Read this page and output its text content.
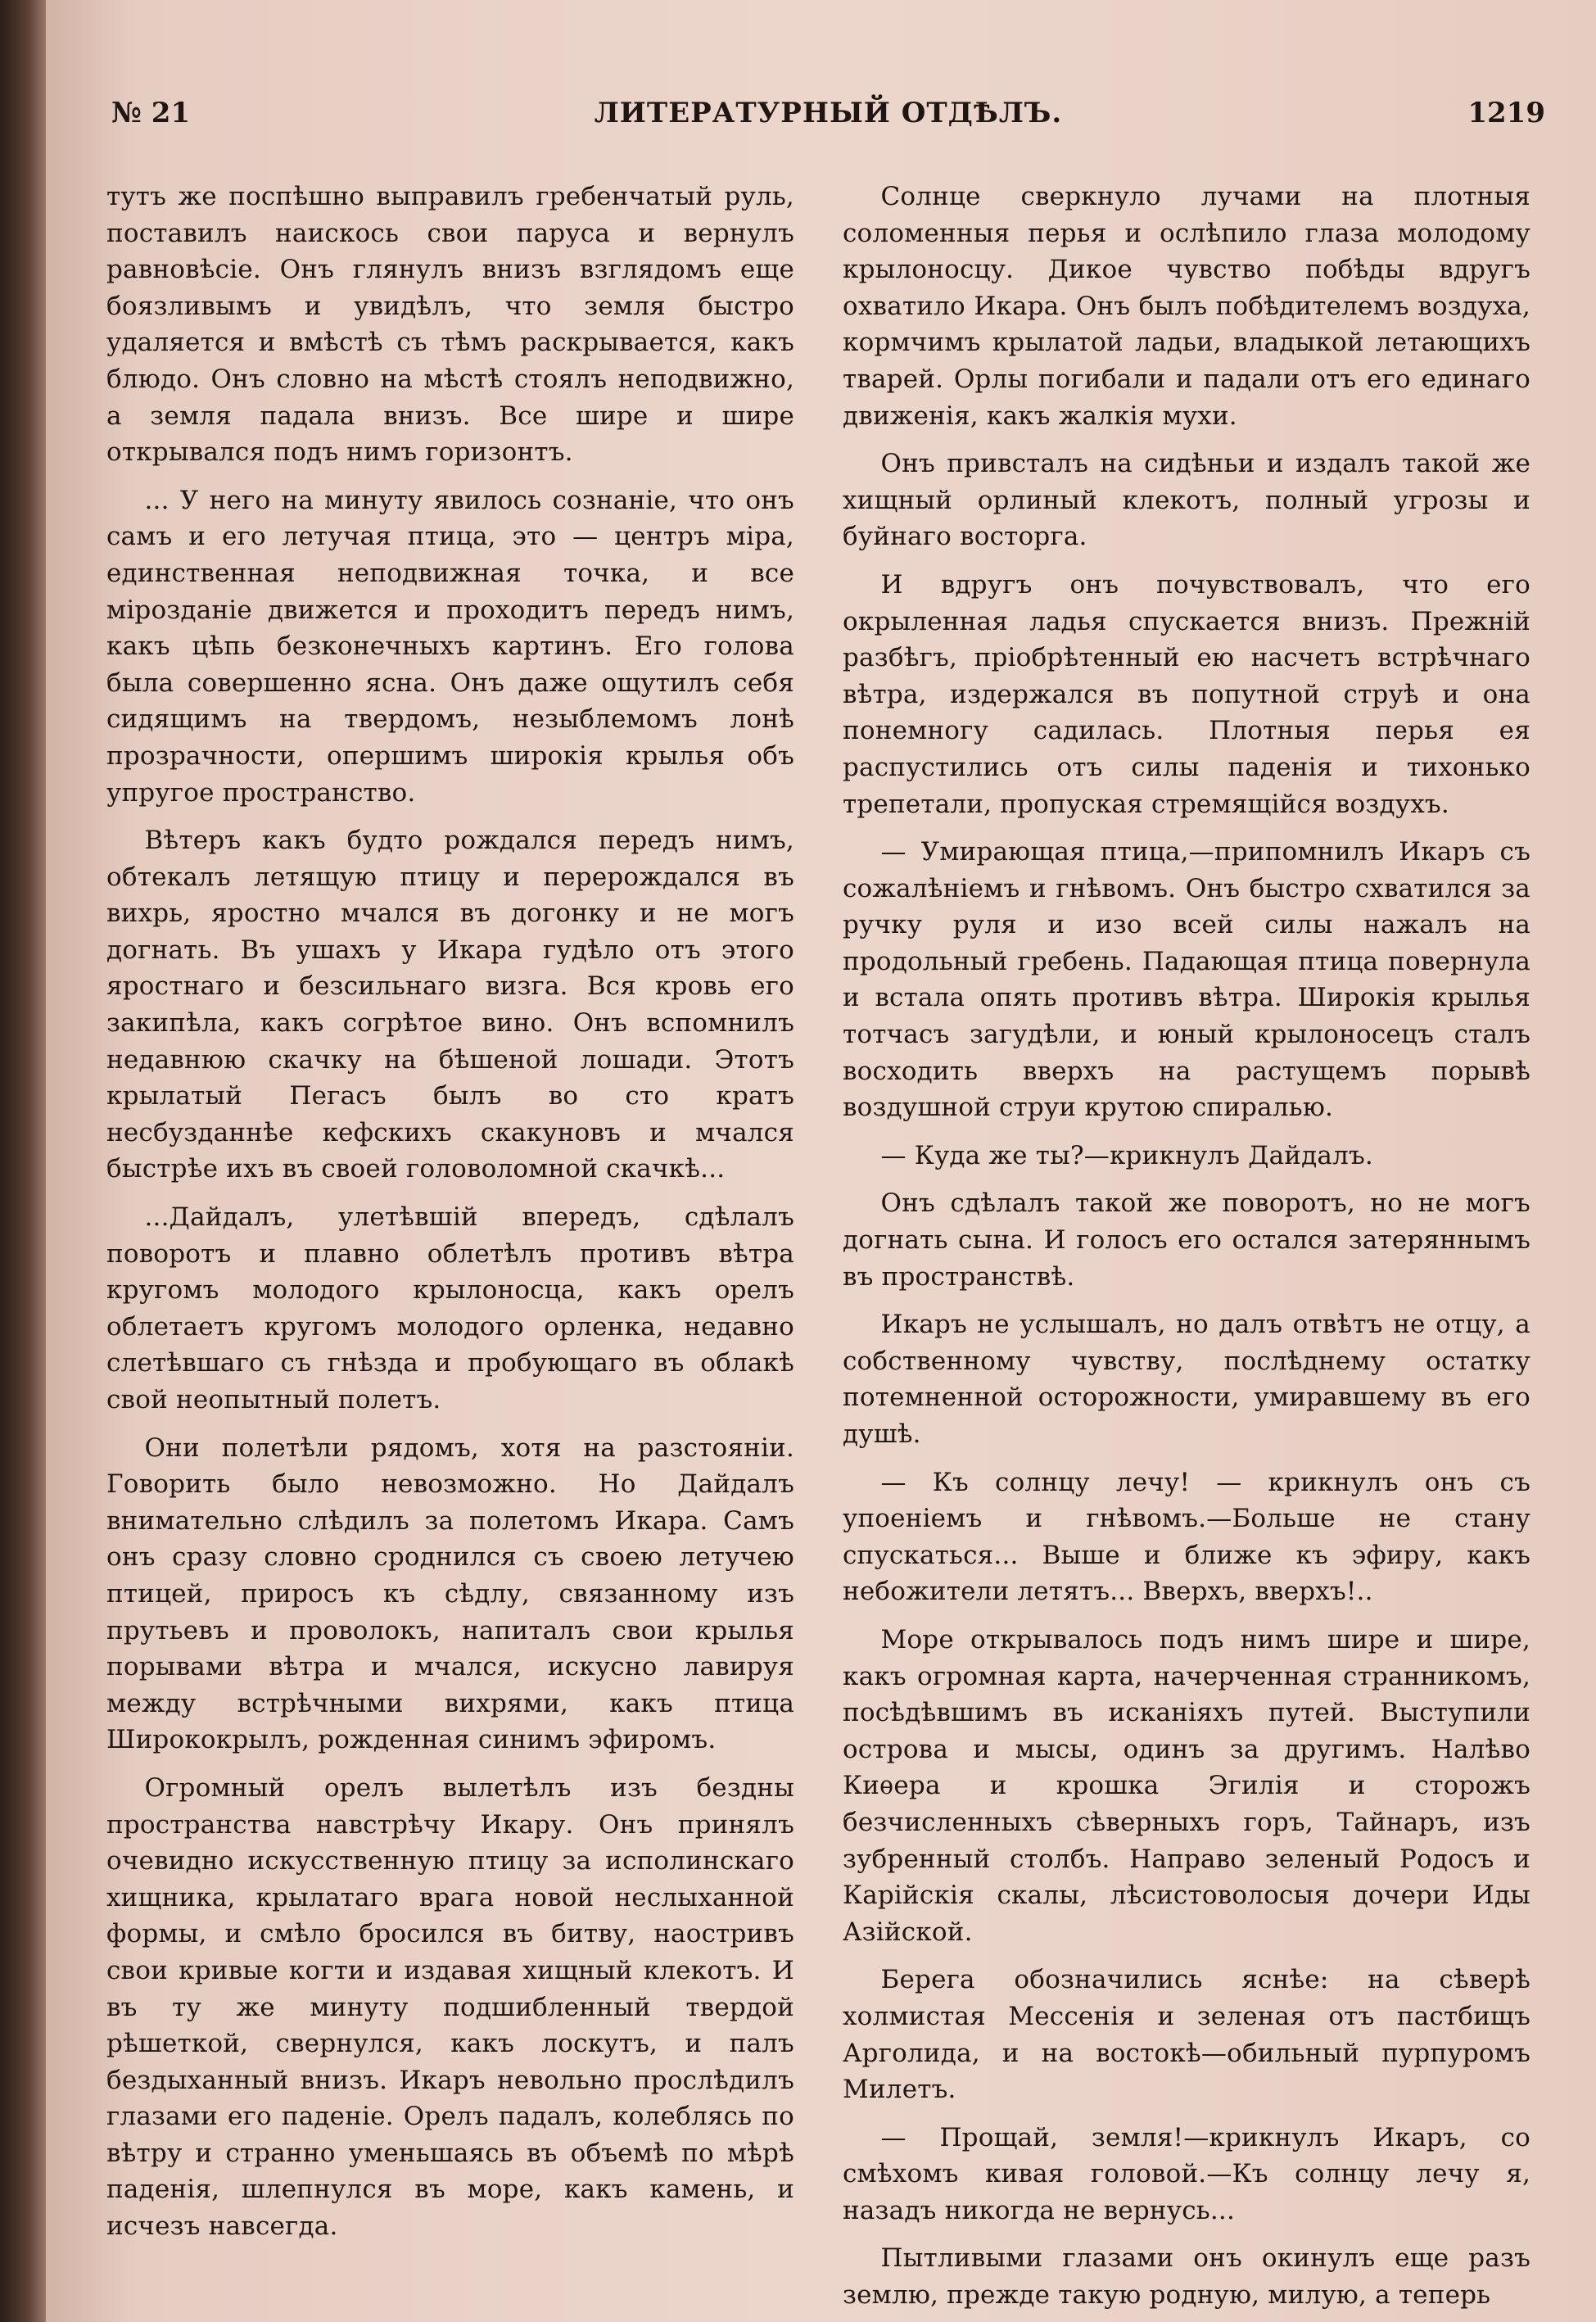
№ 21	ЛИТЕРАТУРНЫЙ ОТДѢЛЪ.	1219

тутъ же поспѣшно выправилъ гребенчатый руль, поставилъ наискось свои паруса и вернулъ равновѣсіе. Онъ глянулъ внизъ взглядомъ еще боязливымъ и увидѣлъ, что земля быстро удаляется и вмѣстѣ съ тѣмъ раскрывается, какъ блюдо. Онъ словно на мѣстѣ стоялъ неподвижно, а земля падала внизъ. Все шире и шире открывался подъ нимъ горизонтъ.

... У него на минуту явилось сознаніе, что онъ самъ и его летучая птица, это — центръ міра, единственная неподвижная точка, и все мірозданіе движется и проходитъ передъ нимъ, какъ цѣпь безконечныхъ картинъ. Его голова была совершенно ясна. Онъ даже ощутилъ себя сидящимъ на твердомъ, незыблемомъ лонѣ прозрачности, опершимъ широкія крылья объ упругое пространство.

Вѣтеръ какъ будто рождался передъ нимъ, обтекалъ летящую птицу и перерождался въ вихрь, яростно мчался въ догонку и не могъ догнать. Въ ушахъ у Икара гудѣло отъ этого яростнаго и безсильнаго визга. Вся кровь его закипѣла, какъ согрѣтое вино. Онъ вспомнилъ недавнюю скачку на бѣшеной лошади. Этотъ крылатый Пегасъ былъ во сто кратъ несбузданнѣе кефскихъ скакуновъ и мчался быстрѣе ихъ въ своей головоломной скачкѣ...

...Дайдалъ, улетѣвшій впередъ, сдѣлалъ поворотъ и плавно облетѣлъ противъ вѣтра кругомъ молодого крылоносца, какъ орелъ облетаетъ кругомъ молодого орленка, недавно слетѣвшаго съ гнѣзда и пробующаго въ облакѣ свой неопытный полетъ.

Они полетѣли рядомъ, хотя на разстояніи. Говорить было невозможно. Но Дайдалъ внимательно слѣдилъ за полетомъ Икара. Самъ онъ сразу словно сроднился съ своею летучею птицей, приросъ къ сѣдлу, связанному изъ прутьевъ и проволокъ, напиталъ свои крылья порывами вѣтра и мчался, искусно лавируя между встрѣчными вихрями, какъ птица Ширококрылъ, рожденная синимъ эфиромъ.

Огромный орелъ вылетѣлъ изъ бездны пространства навстрѣчу Икару. Онъ принялъ очевидно искусственную птицу за исполинскаго хищника, крылатаго врага новой неслыханной формы, и смѣло бросился въ битву, наостривъ свои кривые когти и издавая хищный клекотъ. И въ ту же минуту подшибленный твердой рѣшеткой, свернулся, какъ лоскутъ, и палъ бездыханный внизъ. Икаръ невольно прослѣдилъ глазами его паденіе. Орелъ падалъ, колеблясь по вѣтру и странно уменьшаясь въ объемѣ по мѣрѣ паденія, шлепнулся въ море, какъ камень, и исчезъ навсегда.

Солнце сверкнуло лучами на плотныя соломенныя перья и ослѣпило глаза молодому крылоносцу. Дикое чувство побѣды вдругъ охватило Икара. Онъ былъ побѣдителемъ воздуха, кормчимъ крылатой ладьи, владыкой летающихъ тварей. Орлы погибали и падали отъ его единаго движенія, какъ жалкія мухи.

Онъ привсталъ на сидѣньи и издалъ такой же хищный орлиный клекотъ, полный угрозы и буйнаго восторга.

И вдругъ онъ почувствовалъ, что его окрыленная ладья спускается внизъ. Прежній разбѣгъ, пріобрѣтенный ею насчетъ встрѣчнаго вѣтра, издержался въ попутной струѣ и она понемногу садилась. Плотныя перья ея распустились отъ силы паденія и тихонько трепетали, пропуская стремящійся воздухъ.

— Умирающая птица,—припомнилъ Икаръ съ сожалѣніемъ и гнѣвомъ. Онъ быстро схватился за ручку руля и изо всей силы нажалъ на продольный гребень. Падающая птица повернула и встала опять противъ вѣтра. Широкія крылья тотчасъ загудѣли, и юный крылоносецъ сталъ восходить вверхъ на растущемъ порывѣ воздушной струи крутою спиралью.

— Куда же ты?—крикнулъ Дайдалъ.

Онъ сдѣлалъ такой же поворотъ, но не могъ догнать сына. И голосъ его остался затеряннымъ въ пространствѣ.

Икаръ не услышалъ, но далъ отвѣтъ не отцу, а собственному чувству, послѣднему остатку потемненной осторожности, умиравшему въ его душѣ.

— Къ солнцу лечу! — крикнулъ онъ съ упоеніемъ и гнѣвомъ.—Больше не стану спускаться... Выше и ближе къ эфиру, какъ небожители летятъ... Вверхъ, вверхъ!..

Море открывалось подъ нимъ шире и шире, какъ огромная карта, начерченная странникомъ, посѣдѣвшимъ въ исканіяхъ путей. Выступили острова и мысы, одинъ за другимъ. Налѣво Киѳера и крошка Эгилія и сторожъ безчисленныхъ сѣверныхъ горъ, Тайнаръ, изъ зубренный столбъ. Направо зеленый Родосъ и Карійскія скалы, лѣсистоволосыя дочери Иды Азійской.

Берега обозначились яснѣе: на сѣверѣ холмистая Мессенія и зеленая отъ пастбищъ Арголида, и на востокѣ—обильный пурпуромъ Милетъ.

— Прощай, земля!—крикнулъ Икаръ, со смѣхомъ кивая головой.—Къ солнцу лечу я, назадъ никогда не вернусь...

Пытливыми глазами онъ окинулъ еще разъ землю, прежде такую родную, милую, а теперь
